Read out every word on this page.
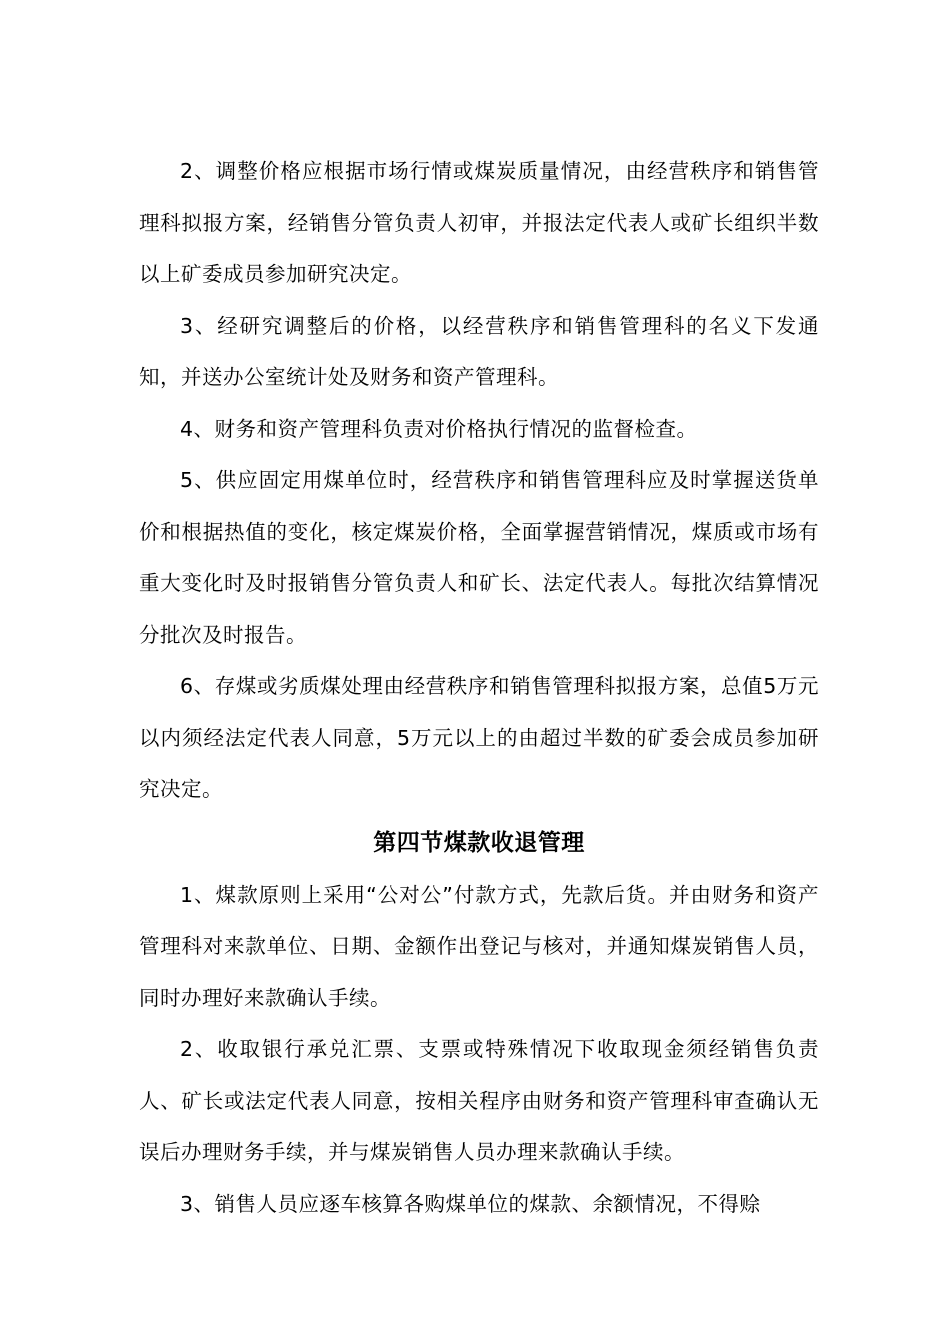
2、调整价格应根据市场行情或煤炭质量情况，由经营秩序和销售管理科拟报方案，经销售分管负责人初审，并报法定代表人或矿长组织半数以上矿委成员参加研究决定。

3、经研究调整后的价格，以经营秩序和销售管理科的名义下发通知，并送办公室统计处及财务和资产管理科。

4、财务和资产管理科负责对价格执行情况的监督检查。

5、供应固定用煤单位时，经营秩序和销售管理科应及时掌握送货单价和根据热值的变化，核定煤炭价格，全面掌握营销情况，煤质或市场有重大变化时及时报销售分管负责人和矿长、法定代表人。每批次结算情况分批次及时报告。

6、存煤或劣质煤处理由经营秩序和销售管理科拟报方案，总值5万元以内须经法定代表人同意，5万元以上的由超过半数的矿委会成员参加研究决定。

第四节煤款收退管理

1、煤款原则上采用“公对公”付款方式，先款后货。并由财务和资产管理科对来款单位、日期、金额作出登记与核对，并通知煤炭销售人员，同时办理好来款确认手续。

2、收取银行承兑汇票、支票或特殊情况下收取现金须经销售负责人、矿长或法定代表人同意，按相关程序由财务和资产管理科审查确认无误后办理财务手续，并与煤炭销售人员办理来款确认手续。

3、销售人员应逐车核算各购煤单位的煤款、余额情况，不得赊
